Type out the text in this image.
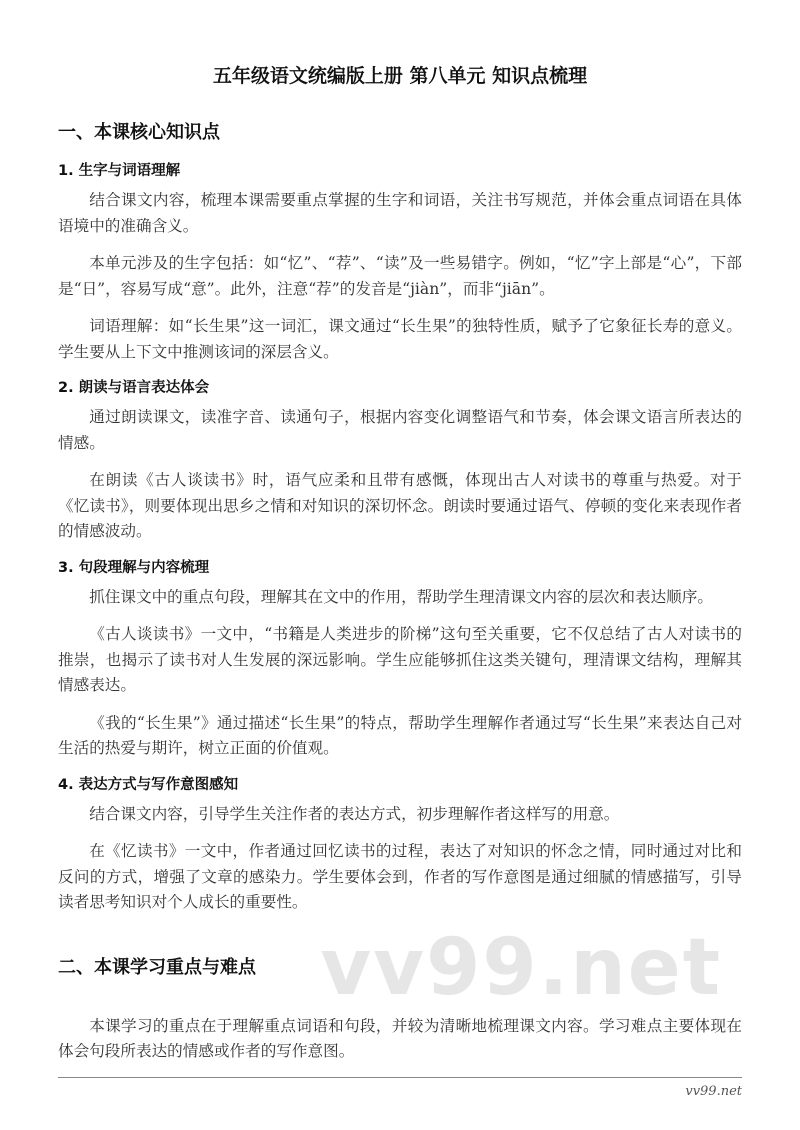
五年级语文统编版上册 第八单元 知识点梳理
一、本课核心知识点
1. 生字与词语理解

结合课文内容，梳理本课需要重点掌握的生字和词语，关注书写规范，并体会重点词语在具体语境中的准确含义。

本单元涉及的生字包括：如“忆”、“荐”、“读”及一些易错字。例如，“忆”字上部是“心”，下部是“日”，容易写成“意”。此外，注意“荐”的发音是“jiàn”，而非“jiān”。

词语理解：如“长生果”这一词汇，课文通过“长生果”的独特性质，赋予了它象征长寿的意义。学生要从上下文中推测该词的深层含义。

2. 朗读与语言表达体会

通过朗读课文，读准字音、读通句子，根据内容变化调整语气和节奏，体会课文语言所表达的情感。

在朗读《古人谈读书》时，语气应柔和且带有感慨，体现出古人对读书的尊重与热爱。对于《忆读书》，则要体现出思乡之情和对知识的深切怀念。朗读时要通过语气、停顿的变化来表现作者的情感波动。

3. 句段理解与内容梳理

抓住课文中的重点句段，理解其在文中的作用，帮助学生理清课文内容的层次和表达顺序。

《古人谈读书》一文中，“书籍是人类进步的阶梯”这句至关重要，它不仅总结了古人对读书的推崇，也揭示了读书对人生发展的深远影响。学生应能够抓住这类关键句，理清课文结构，理解其情感表达。

《我的“长生果”》通过描述“长生果”的特点，帮助学生理解作者通过写“长生果”来表达自己对生活的热爱与期许，树立正面的价值观。

4. 表达方式与写作意图感知

结合课文内容，引导学生关注作者的表达方式，初步理解作者这样写的用意。

在《忆读书》一文中，作者通过回忆读书的过程，表达了对知识的怀念之情，同时通过对比和反问的方式，增强了文章的感染力。学生要体会到，作者的写作意图是通过细腻的情感描写，引导读者思考知识对个人成长的重要性。

二、本课学习重点与难点 vv99.net

本课学习的重点在于理解重点词语和句段，并较为清晰地梳理课文内容。学习难点主要体现在体会句段所表达的情感或作者的写作意图。

vv99.net
